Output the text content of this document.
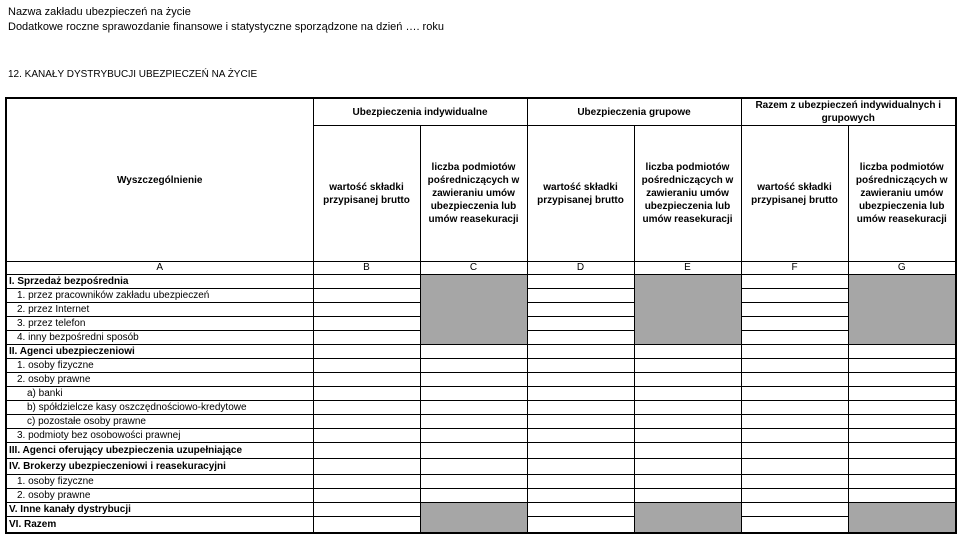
Nazwa zakładu ubezpieczeń na życie
Dodatkowe roczne sprawozdanie finansowe i statystyczne sporządzone na dzień …. roku
12. KANAŁY DYSTRYBUCJI UBEZPIECZEŃ NA ŻYCIE
Wyszczególnienie	Ubezpieczenia indywidualne		Ubezpieczenia grupowe		Razem z ubezpieczeń indywidualnych i grupowych	
	wartość składki przypisanej brutto	liczba podmiotów pośredniczących w zawieraniu umów ubezpieczenia lub umów reasekuracji	wartość składki przypisanej brutto	liczba podmiotów pośredniczących w zawieraniu umów ubezpieczenia lub umów reasekuracji	wartość składki przypisanej brutto	liczba podmiotów pośredniczących w zawieraniu umów ubezpieczenia lub umów reasekuracji
A	B	C	D	E	F	G
I. Sprzedaż bezpośrednia						
1. przez pracowników zakładu ubezpieczeń						
2. przez Internet						
3. przez telefon						
4. inny bezpośredni sposób						
II. Agenci ubezpieczeniowi						
1. osoby fizyczne						
2. osoby prawne						
a) banki						
b) spółdzielcze kasy oszczędnościowo-kredytowe						
c) pozostałe osoby prawne						
3. podmioty bez osobowości prawnej						
III. Agenci oferujący ubezpieczenia uzupełniające						
IV. Brokerzy ubezpieczeniowi i reasekuracyjni						
1. osoby fizyczne						
2. osoby prawne						
V. Inne kanały dystrybucji						
VI. Razem						
